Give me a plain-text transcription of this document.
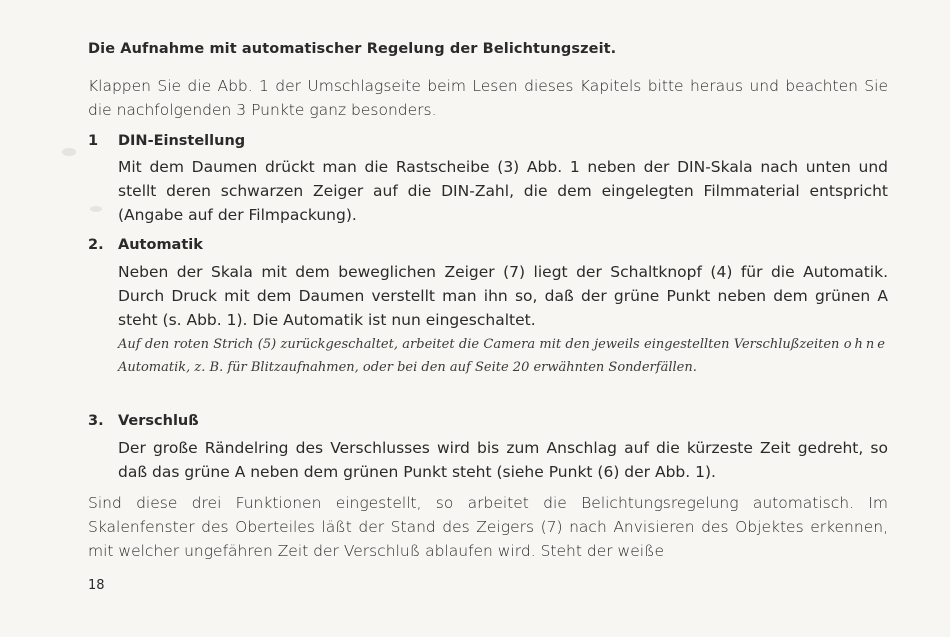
Die Aufnahme mit automatischer Regelung der Belichtungszeit.
Klappen Sie die Abb. 1 der Umschlagseite beim Lesen dieses Kapitels bitte heraus und beachten Sie die nachfolgenden 3 Punkte ganz besonders.
1 DIN-Einstellung
Mit dem Daumen drückt man die Rastscheibe (3) Abb. 1 neben der DIN-Skala nach unten und stellt deren schwarzen Zeiger auf die DIN-Zahl, die dem eingelegten Filmmaterial entspricht (Angabe auf der Filmpackung).
2. Automatik
Neben der Skala mit dem beweglichen Zeiger (7) liegt der Schaltknopf (4) für die Automatik. Durch Druck mit dem Daumen verstellt man ihn so, daß der grüne Punkt neben dem grünen A steht (s. Abb. 1). Die Automatik ist nun eingeschaltet.
Auf den roten Strich (5) zurückgeschaltet, arbeitet die Camera mit den jeweils eingestellten Verschlußzeiten ohne Automatik, z. B. für Blitzaufnahmen, oder bei den auf Seite 20 erwähnten Sonderfällen.
3. Verschluß
Der große Rändelring des Verschlusses wird bis zum Anschlag auf die kürzeste Zeit gedreht, so daß das grüne A neben dem grünen Punkt steht (siehe Punkt (6) der Abb. 1).
Sind diese drei Funktionen eingestellt, so arbeitet die Belichtungsregelung automatisch. Im Skalenfenster des Oberteiles läßt der Stand des Zeigers (7) nach Anvisieren des Objektes erkennen, mit welcher ungefähren Zeit der Verschluß ablaufen wird. Steht der weiße
18
